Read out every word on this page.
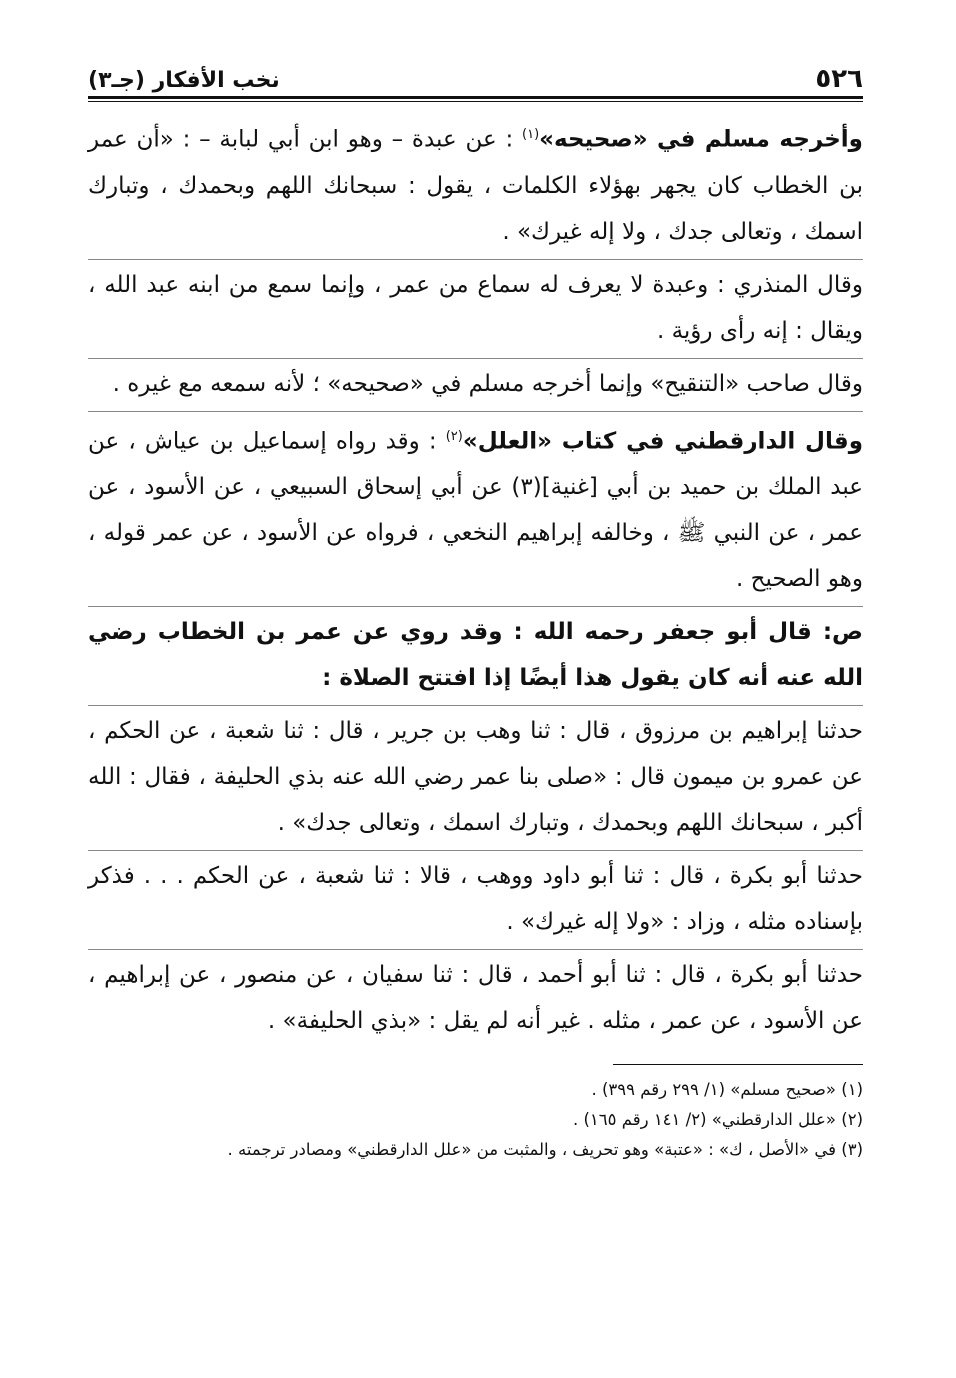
٥٢٦
نخب الأفكار (جـ٣)

وأخرجه مسلم في «صحيحه»$^{(١)}$ : عن عبدة – وهو ابن أبي لبابة – : «أن عمر بن الخطاب كان يجهر بهؤلاء الكلمات ، يقول : سبحانك اللهم وبحمدك ، وتبارك اسمك ، وتعالى جدك ، ولا إله غيرك» .

وقال المنذري : وعبدة لا يعرف له سماع من عمر ، وإنما سمع من ابنه عبد الله ، ويقال : إنه رأى رؤية .

وقال صاحب «التنقيح» وإنما أخرجه مسلم في «صحيحه» ؛ لأنه سمعه مع غيره .

وقال الدارقطني في كتاب «العلل»$^{(٢)}$ : وقد رواه إسماعيل بن عياش ، عن عبد الملك بن حميد بن أبي [غنية](٣) عن أبي إسحاق السبيعي ، عن الأسود ، عن عمر ، عن النبي ﷺ ، وخالفه إبراهيم النخعي ، فرواه عن الأسود ، عن عمر قوله ، وهو الصحيح .

ص: قال أبو جعفر رحمه الله : وقد روي عن عمر بن الخطاب رضي الله عنه أنه كان يقول هذا أيضًا إذا افتتح الصلاة :

حدثنا إبراهيم بن مرزوق ، قال : ثنا وهب بن جرير ، قال : ثنا شعبة ، عن الحكم ، عن عمرو بن ميمون قال : «صلى بنا عمر رضي الله عنه بذي الحليفة ، فقال : الله أكبر ، سبحانك اللهم وبحمدك ، وتبارك اسمك ، وتعالى جدك» .

حدثنا أبو بكرة ، قال : ثنا أبو داود ووهب ، قالا : ثنا شعبة ، عن الحكم . . . فذكر بإسناده مثله ، وزاد : «ولا إله غيرك» .

حدثنا أبو بكرة ، قال : ثنا أبو أحمد ، قال : ثنا سفيان ، عن منصور ، عن إبراهيم ، عن الأسود ، عن عمر ، مثله . غير أنه لم يقل : «بذي الحليفة» .

(١) «صحيح مسلم» (١/ ٢٩٩ رقم ٣٩٩) .

(٢) «علل الدارقطني» (٢/ ١٤١ رقم ١٦٥) .

(٣) في «الأصل ، ك» : «عتبة» وهو تحريف ، والمثبت من «علل الدارقطني» ومصادر ترجمته .
